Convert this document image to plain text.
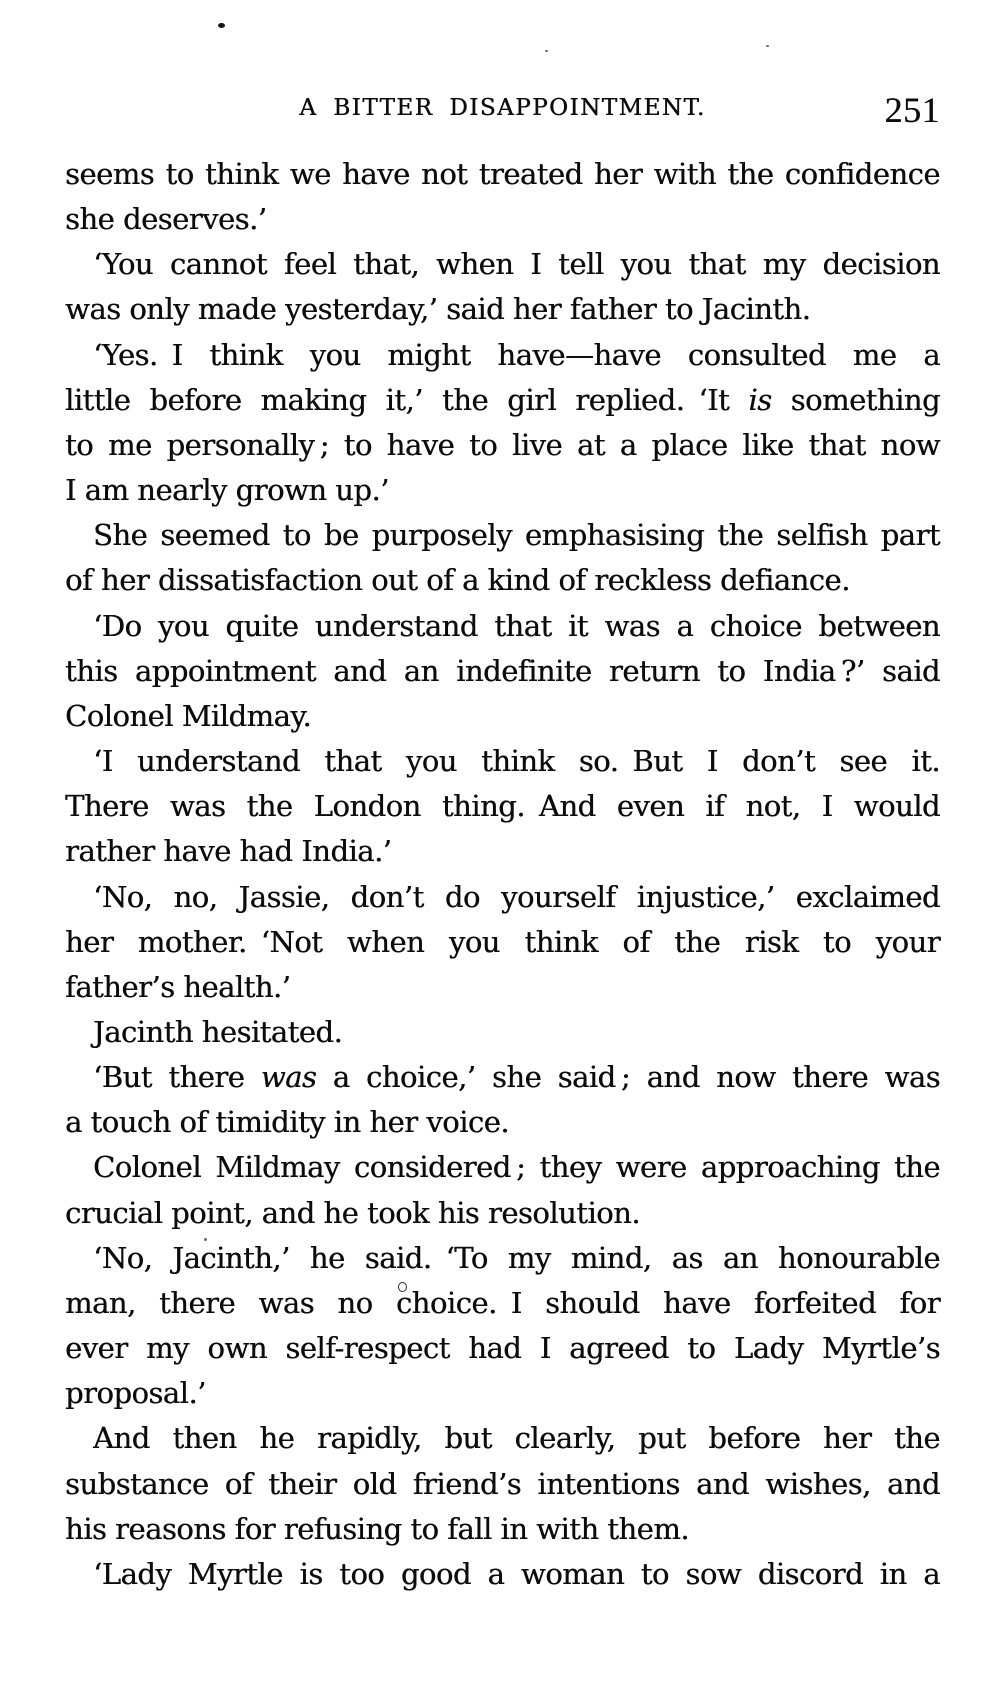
A BITTER DISAPPOINTMENT.	251

seems to think we have not treated her with the confidence
she deserves.’

‘You cannot feel that, when I tell you that my decision
was only made yesterday,’ said her father to Jacinth.

‘Yes. I think you might have—have consulted me a
little before making it,’ the girl replied. ‘It is something
to me personally ; to have to live at a place like that now
I am nearly grown up.’

She seemed to be purposely emphasising the selfish part
of her dissatisfaction out of a kind of reckless defiance.

‘Do you quite understand that it was a choice between
this appointment and an indefinite return to India ?’ said
Colonel Mildmay.

‘I understand that you think so. But I don’t see it.
There was the London thing. And even if not, I would
rather have had India.’

‘No, no, Jassie, don’t do yourself injustice,’ exclaimed
her mother. ‘Not when you think of the risk to your
father’s health.’

Jacinth hesitated.

‘But there was a choice,’ she said ; and now there was
a touch of timidity in her voice.

Colonel Mildmay considered ; they were approaching the
crucial point, and he took his resolution.

‘No, Jacinth,’ he said. ‘To my mind, as an honourable
man, there was no choice. I should have forfeited for
ever my own self-respect had I agreed to Lady Myrtle’s
proposal.’

And then he rapidly, but clearly, put before her the
substance of their old friend’s intentions and wishes, and
his reasons for refusing to fall in with them.

‘Lady Myrtle is too good a woman to sow discord in a
